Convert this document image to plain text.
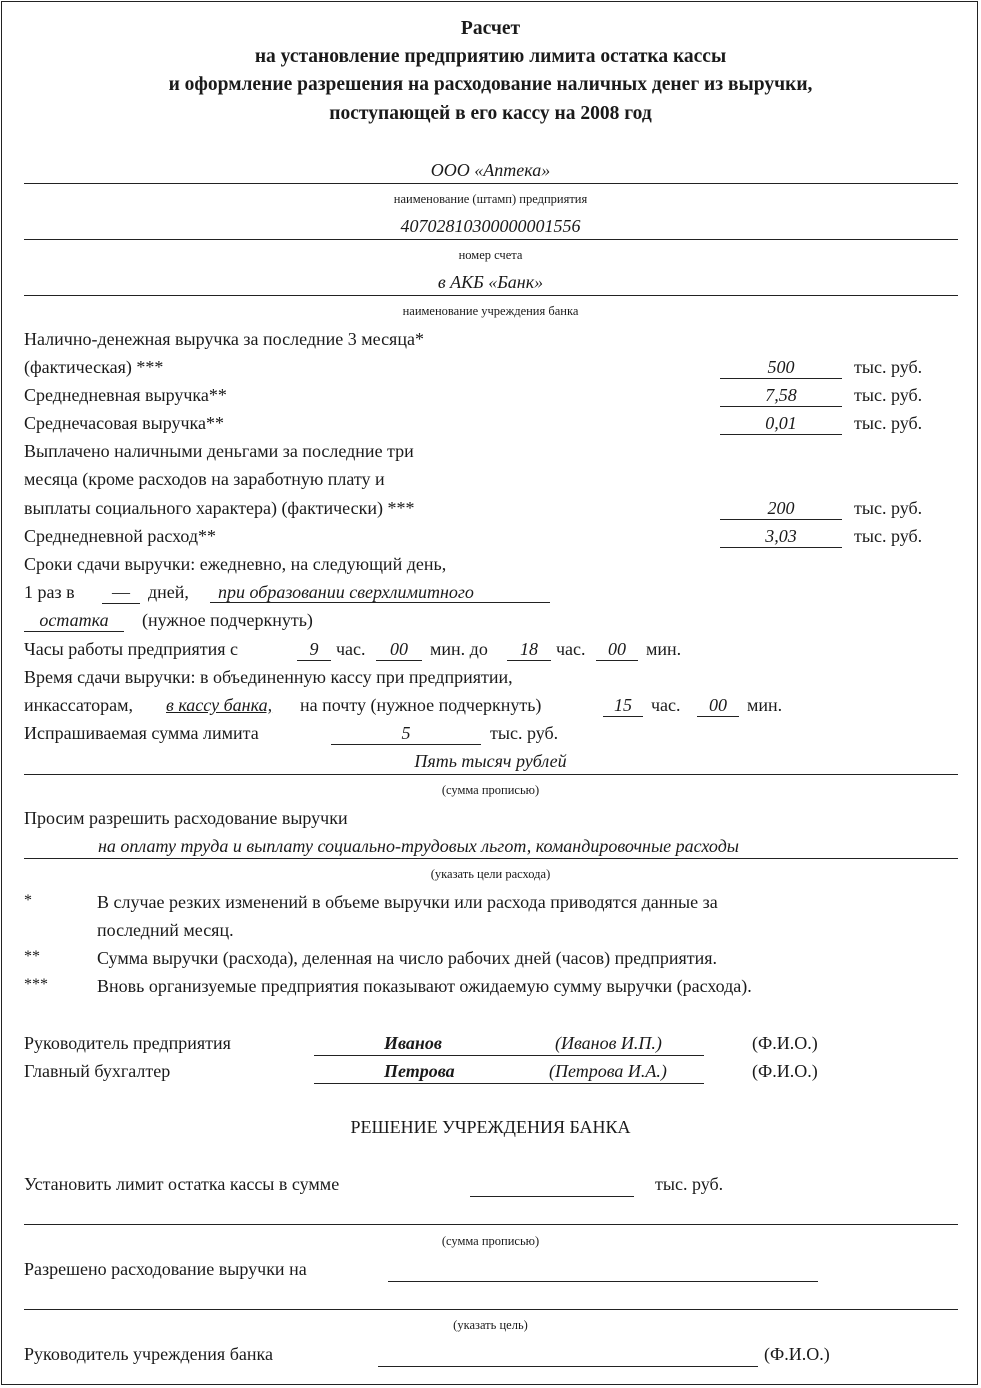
Расчет
на установление предприятию лимита остатка кассы
и оформление разрешения на расходование наличных денег из выручки,
поступающей в его кассу на 2008 год
ООО «Аптека»
наименование (штамп) предприятия
40702810300000001556
номер счета
в АКБ «Банк»
наименование учреждения банка
Налично-денежная выручка за последние 3 месяца*
(фактическая) ***	500	тыс. руб.
Среднедневная выручка**	7,58	тыс. руб.
Среднечасовая выручка**	0,01	тыс. руб.
Выплачено наличными деньгами за последние три
месяца (кроме расходов на заработную плату и
выплаты социального характера) (фактически) ***	200	тыс. руб.
Среднедневной расход**	3,03	тыс. руб.
Сроки сдачи выручки: ежедневно, на следующий день,
1 раз в	—	дней,	при образовании сверхлимитного
остатка	(нужное подчеркнуть)
Часы работы предприятия с	9 час.	00	мин. до	18	час.	00	мин.
Время сдачи выручки: в объединенную кассу при предприятии,
инкассаторам, в кассу банка, на почту (нужное подчеркнуть)	15	час.	00	мин.
Испрашиваемая сумма лимита	5	тыс. руб.
Пять тысяч рублей
(сумма прописью)
Просим разрешить расходование выручки
на оплату труда и выплату социально-трудовых льгот, командировочные расходы
(указать цели расхода)
*	В случае резких изменений в объеме выручки или расхода приводятся данные за
последний месяц.
**	Сумма выручки (расхода), деленная на число рабочих дней (часов) предприятия.
***	Вновь организуемые предприятия показывают ожидаемую сумму выручки (расхода).
Руководитель предприятия	Иванов	(Иванов И.П.)	(Ф.И.О.)
Главный бухгалтер	Петрова	(Петрова И.А.)	(Ф.И.О.)
РЕШЕНИЕ УЧРЕЖДЕНИЯ БАНКА
Установить лимит остатка кассы в сумме	тыс. руб.
(сумма прописью)
Разрешено расходование выручки на
(указать цель)
Руководитель учреждения банка	(Ф.И.О.)
